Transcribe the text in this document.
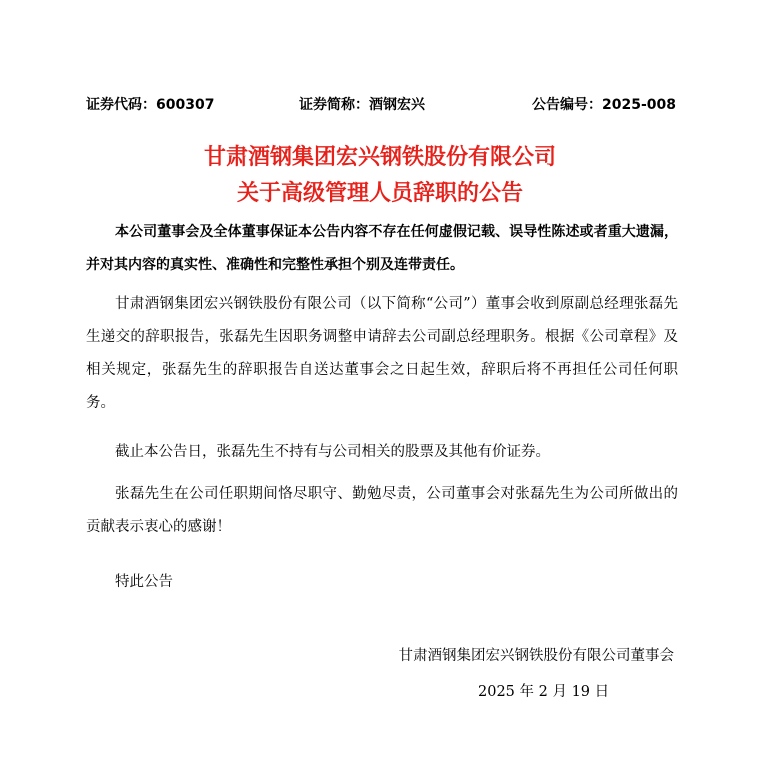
证券代码：600307	证券简称：酒钢宏兴	公告编号：2025-008
甘肃酒钢集团宏兴钢铁股份有限公司
关于高级管理人员辞职的公告
本公司董事会及全体董事保证本公告内容不存在任何虚假记载、误导性陈述或者重大遗漏，并对其内容的真实性、准确性和完整性承担个别及连带责任。
甘肃酒钢集团宏兴钢铁股份有限公司（以下简称“公司”）董事会收到原副总经理张磊先生递交的辞职报告，张磊先生因职务调整申请辞去公司副总经理职务。根据《公司章程》及相关规定，张磊先生的辞职报告自送达董事会之日起生效，辞职后将不再担任公司任何职务。
截止本公告日，张磊先生不持有与公司相关的股票及其他有价证券。
张磊先生在公司任职期间恪尽职守、勤勉尽责，公司董事会对张磊先生为公司所做出的贡献表示衷心的感谢！
特此公告
甘肃酒钢集团宏兴钢铁股份有限公司董事会
2025 年 2 月 19 日
